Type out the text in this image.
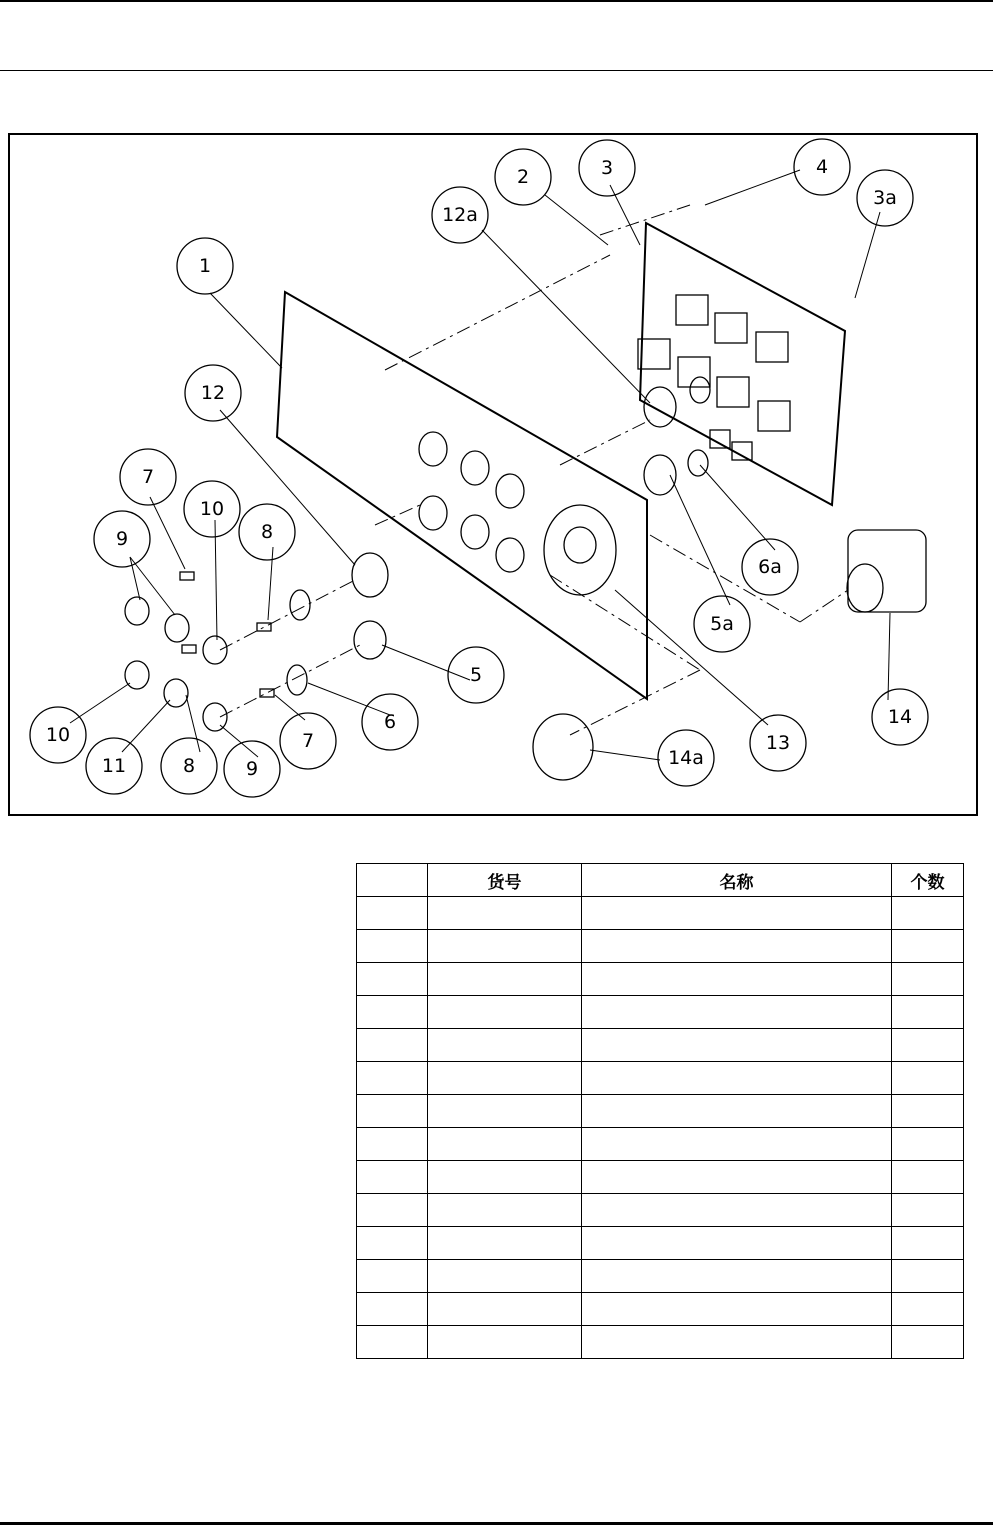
1
2	3
3a
4
5
5a
6
6a
7
7
8
8
9
9
10
10
11
12
12a
13
14
14a
	货号	名称	个数
